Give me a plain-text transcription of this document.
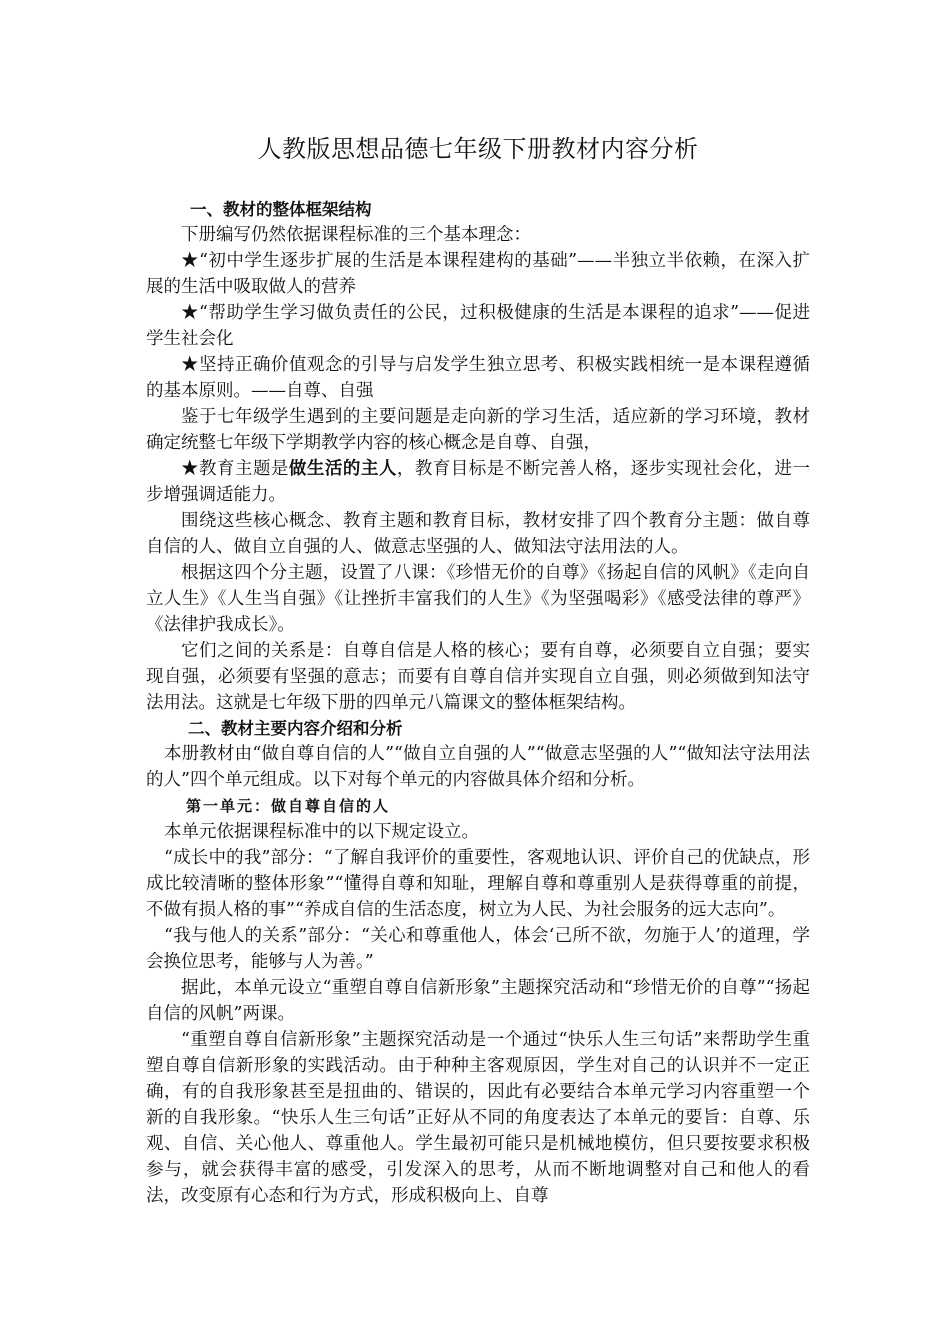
人教版思想品德七年级下册教材内容分析

一、教材的整体框架结构

下册编写仍然依据课程标准的三个基本理念：

★“初中学生逐步扩展的生活是本课程建构的基础”——半独立半依赖，在深入扩展的生活中吸取做人的营养

★“帮助学生学习做负责任的公民，过积极健康的生活是本课程的追求”——促进学生社会化

★坚持正确价值观念的引导与启发学生独立思考、积极实践相统一是本课程遵循的基本原则。——自尊、自强

鉴于七年级学生遇到的主要问题是走向新的学习生活，适应新的学习环境，教材确定统整七年级下学期教学内容的核心概念是自尊、自强，

★教育主题是做生活的主人，教育目标是不断完善人格，逐步实现社会化，进一步增强调适能力。

围绕这些核心概念、教育主题和教育目标，教材安排了四个教育分主题：做自尊自信的人、做自立自强的人、做意志坚强的人、做知法守法用法的人。

根据这四个分主题，设置了八课：《珍惜无价的自尊》《扬起自信的风帆》《走向自立人生》《人生当自强》《让挫折丰富我们的人生》《为坚强喝彩》《感受法律的尊严》《法律护我成长》。

它们之间的关系是：自尊自信是人格的核心；要有自尊，必须要自立自强；要实现自强，必须要有坚强的意志；而要有自尊自信并实现自立自强，则必须做到知法守法用法。这就是七年级下册的四单元八篇课文的整体框架结构。

二、教材主要内容介绍和分析

本册教材由“做自尊自信的人”“做自立自强的人”“做意志坚强的人”“做知法守法用法的人”四个单元组成。以下对每个单元的内容做具体介绍和分析。

第一单元：做自尊自信的人

本单元依据课程标准中的以下规定设立。

“成长中的我”部分：“了解自我评价的重要性，客观地认识、评价自己的优缺点，形成比较清晰的整体形象”“懂得自尊和知耻，理解自尊和尊重别人是获得尊重的前提，不做有损人格的事”“养成自信的生活态度，树立为人民、为社会服务的远大志向”。

“我与他人的关系”部分：“关心和尊重他人，体会‘己所不欲，勿施于人’的道理，学会换位思考，能够与人为善。”

据此，本单元设立“重塑自尊自信新形象”主题探究活动和“珍惜无价的自尊”“扬起自信的风帆”两课。

“重塑自尊自信新形象”主题探究活动是一个通过“快乐人生三句话”来帮助学生重塑自尊自信新形象的实践活动。由于种种主客观原因，学生对自己的认识并不一定正确，有的自我形象甚至是扭曲的、错误的，因此有必要结合本单元学习内容重塑一个新的自我形象。“快乐人生三句话”正好从不同的角度表达了本单元的要旨：自尊、乐观、自信、关心他人、尊重他人。学生最初可能只是机械地模仿，但只要按要求积极参与，就会获得丰富的感受，引发深入的思考，从而不断地调整对自己和他人的看法，改变原有心态和行为方式，形成积极向上、自尊
